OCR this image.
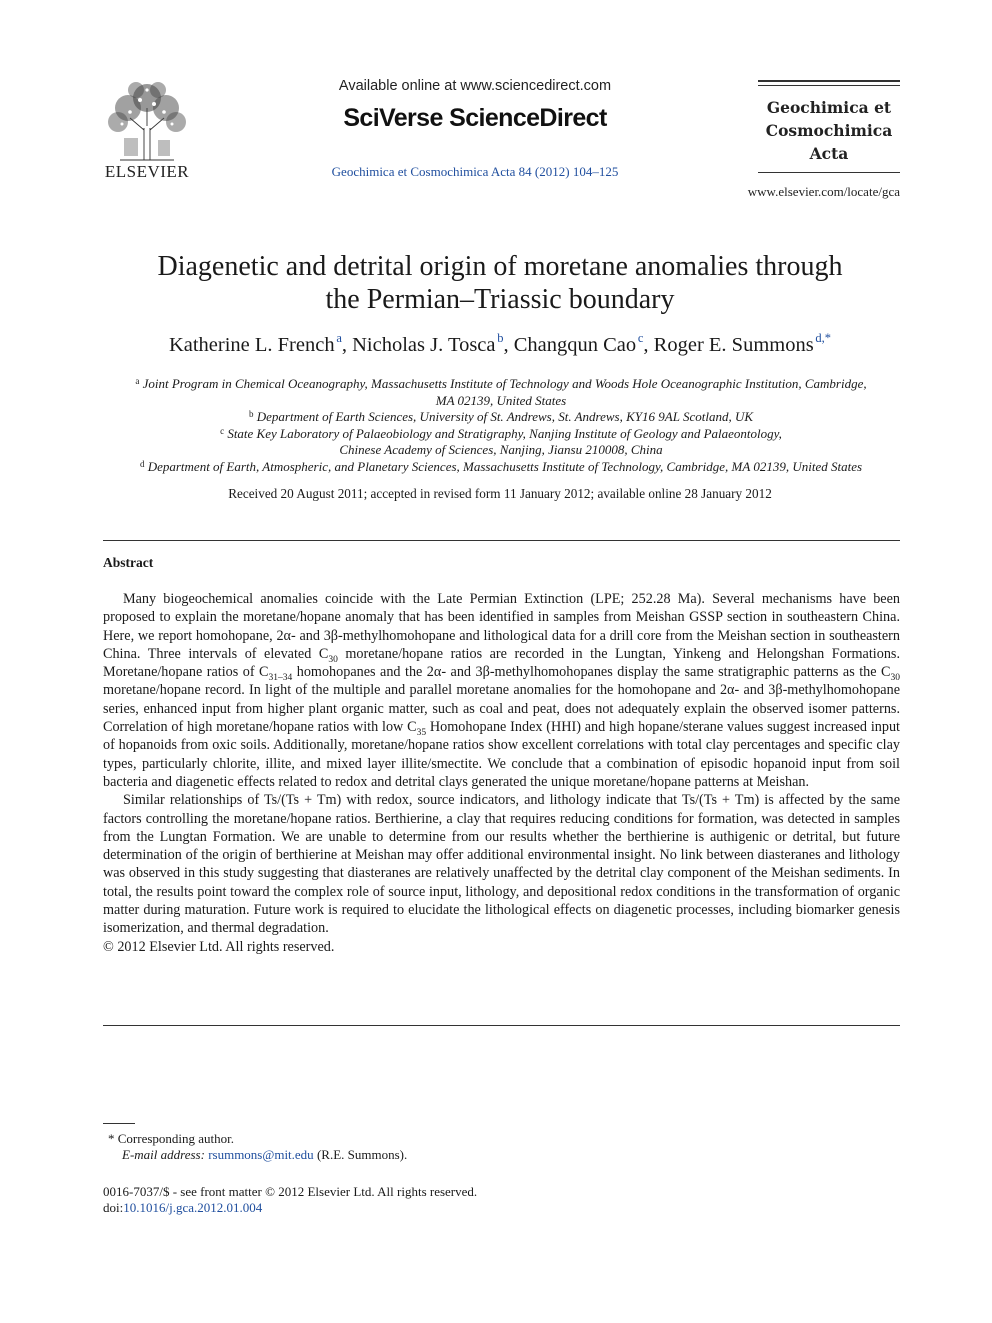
ELSEVIER
Available online at www.sciencedirect.com
SciVerse ScienceDirect
Geochimica et Cosmochimica Acta 84 (2012) 104–125
Geochimica et
Cosmochimica
Acta
www.elsevier.com/locate/gca
Diagenetic and detrital origin of moretane anomalies through
the Permian–Triassic boundary
Katherine L. French  $^a$, Nicholas J. Tosca  $^b$, Changqun Cao  $^c$, Roger E. Summons  $^{d,*}$
$^a$ Joint Program in Chemical Oceanography, Massachusetts Institute of Technology and Woods Hole Oceanographic Institution, Cambridge,
MA 02139, United States
$^b$ Department of Earth Sciences, University of St. Andrews, St. Andrews, KY16 9AL Scotland, UK
$^c$ State Key Laboratory of Palaeobiology and Stratigraphy, Nanjing Institute of Geology and Palaeontology,
Chinese Academy of Sciences, Nanjing, Jiansu 210008, China
$^d$ Department of Earth, Atmospheric, and Planetary Sciences, Massachusetts Institute of Technology, Cambridge, MA 02139, United States
Received 20 August 2011; accepted in revised form 11 January 2012; available online 28 January 2012
Abstract

Many biogeochemical anomalies coincide with the Late Permian Extinction (LPE; 252.28 Ma). Several mechanisms have been proposed to explain the moretane/hopane anomaly that has been identified in samples from Meishan GSSP section in southeastern China. Here, we report homohopane, 2α- and 3β-methylhomohopane and lithological data for a drill core from the Meishan section in southeastern China. Three intervals of elevated $C_{30}$ moretane/hopane ratios are recorded in the Lungtan, Yinkeng and Helongshan Formations. Moretane/hopane ratios of $C_{31-34}$ homohopanes and the 2α- and 3β-methylhomohopanes display the same stratigraphic patterns as the $C_{30}$ moretane/hopane record. In light of the multiple and parallel moretane anomalies for the homohopane and 2α- and 3β-methylhomohopane series, enhanced input from higher plant organic matter, such as coal and peat, does not adequately explain the observed isomer patterns. Correlation of high moretane/hopane ratios with low $C_{35}$ Homohopane Index (HHI) and high hopane/sterane values suggest increased input of hopanoids from oxic soils. Additionally, moretane/hopane ratios show excellent correlations with total clay percentages and specific clay types, particularly chlorite, illite, and mixed layer illite/smectite. We conclude that a combination of episodic hopanoid input from soil bacteria and diagenetic effects related to redox and detrital clays generated the unique moretane/hopane patterns at Meishan.

Similar relationships of Ts/(Ts + Tm) with redox, source indicators, and lithology indicate that Ts/(Ts + Tm) is affected by the same factors controlling the moretane/hopane ratios. Berthierine, a clay that requires reducing conditions for formation, was detected in samples from the Lungtan Formation. We are unable to determine from our results whether the berthierine is authigenic or detrital, but future determination of the origin of berthierine at Meishan may offer additional environmental insight. No link between diasteranes and lithology was observed in this study suggesting that diasteranes are relatively unaffected by the detrital clay component of the Meishan sediments. In total, the results point toward the complex role of source input, lithology, and depositional redox conditions in the transformation of organic matter during maturation. Future work is required to elucidate the lithological effects on diagenetic processes, including biomarker genesis isomerization, and thermal degradation.

© 2012 Elsevier Ltd. All rights reserved.
* Corresponding author.
E-mail address: rsummons@mit.edu (R.E. Summons).
0016-7037/$ - see front matter © 2012 Elsevier Ltd. All rights reserved.
doi:10.1016/j.gca.2012.01.004
